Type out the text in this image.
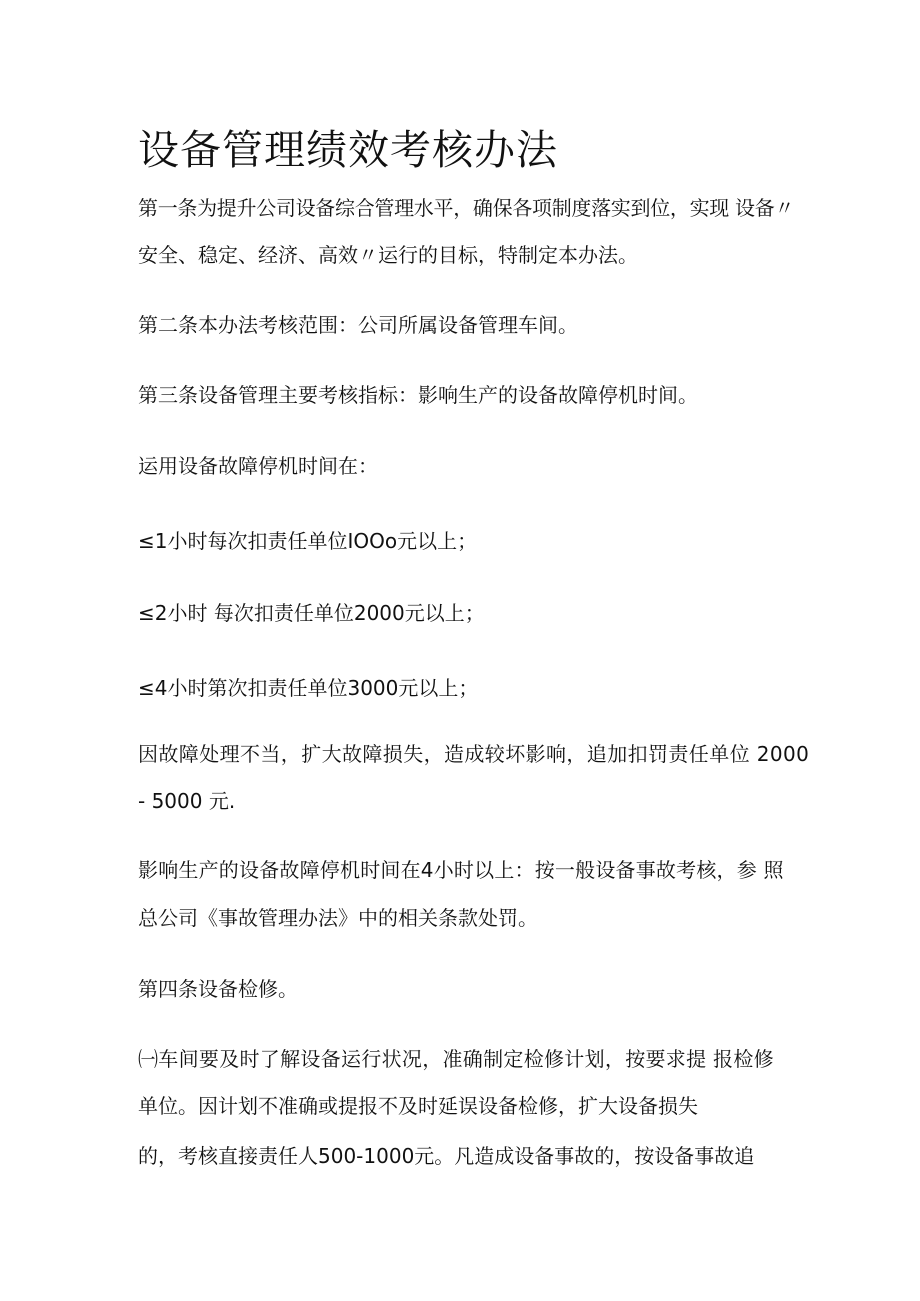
设备管理绩效考核办法
第一条为提升公司设备综合管理水平，确保各项制度落实到位，实现 设备〃
安全、稳定、经济、高效〃运行的目标，特制定本办法。
第二条本办法考核范围：公司所属设备管理车间。
第三条设备管理主要考核指标：影响生产的设备故障停机时间。
运用设备故障停机时间在：
≤1小时每次扣责任单位IOOo元以上；
≤2小时 每次扣责任单位2000元以上；
≤4小时第次扣责任单位3000元以上；
因故障处理不当，扩大故障损失，造成较坏影响，追加扣罚责任单位 2000
- 5000 元.
影响生产的设备故障停机时间在4小时以上：按一般设备事故考核，参 照
总公司《事故管理办法》中的相关条款处罚。
第四条设备检修。
㈠车间要及时了解设备运行状况，准确制定检修计划，按要求提 报检修
单位。因计划不准确或提报不及时延误设备检修，扩大设备损失
的，考核直接责任人500-1000元。凡造成设备事故的，按设备事故追
